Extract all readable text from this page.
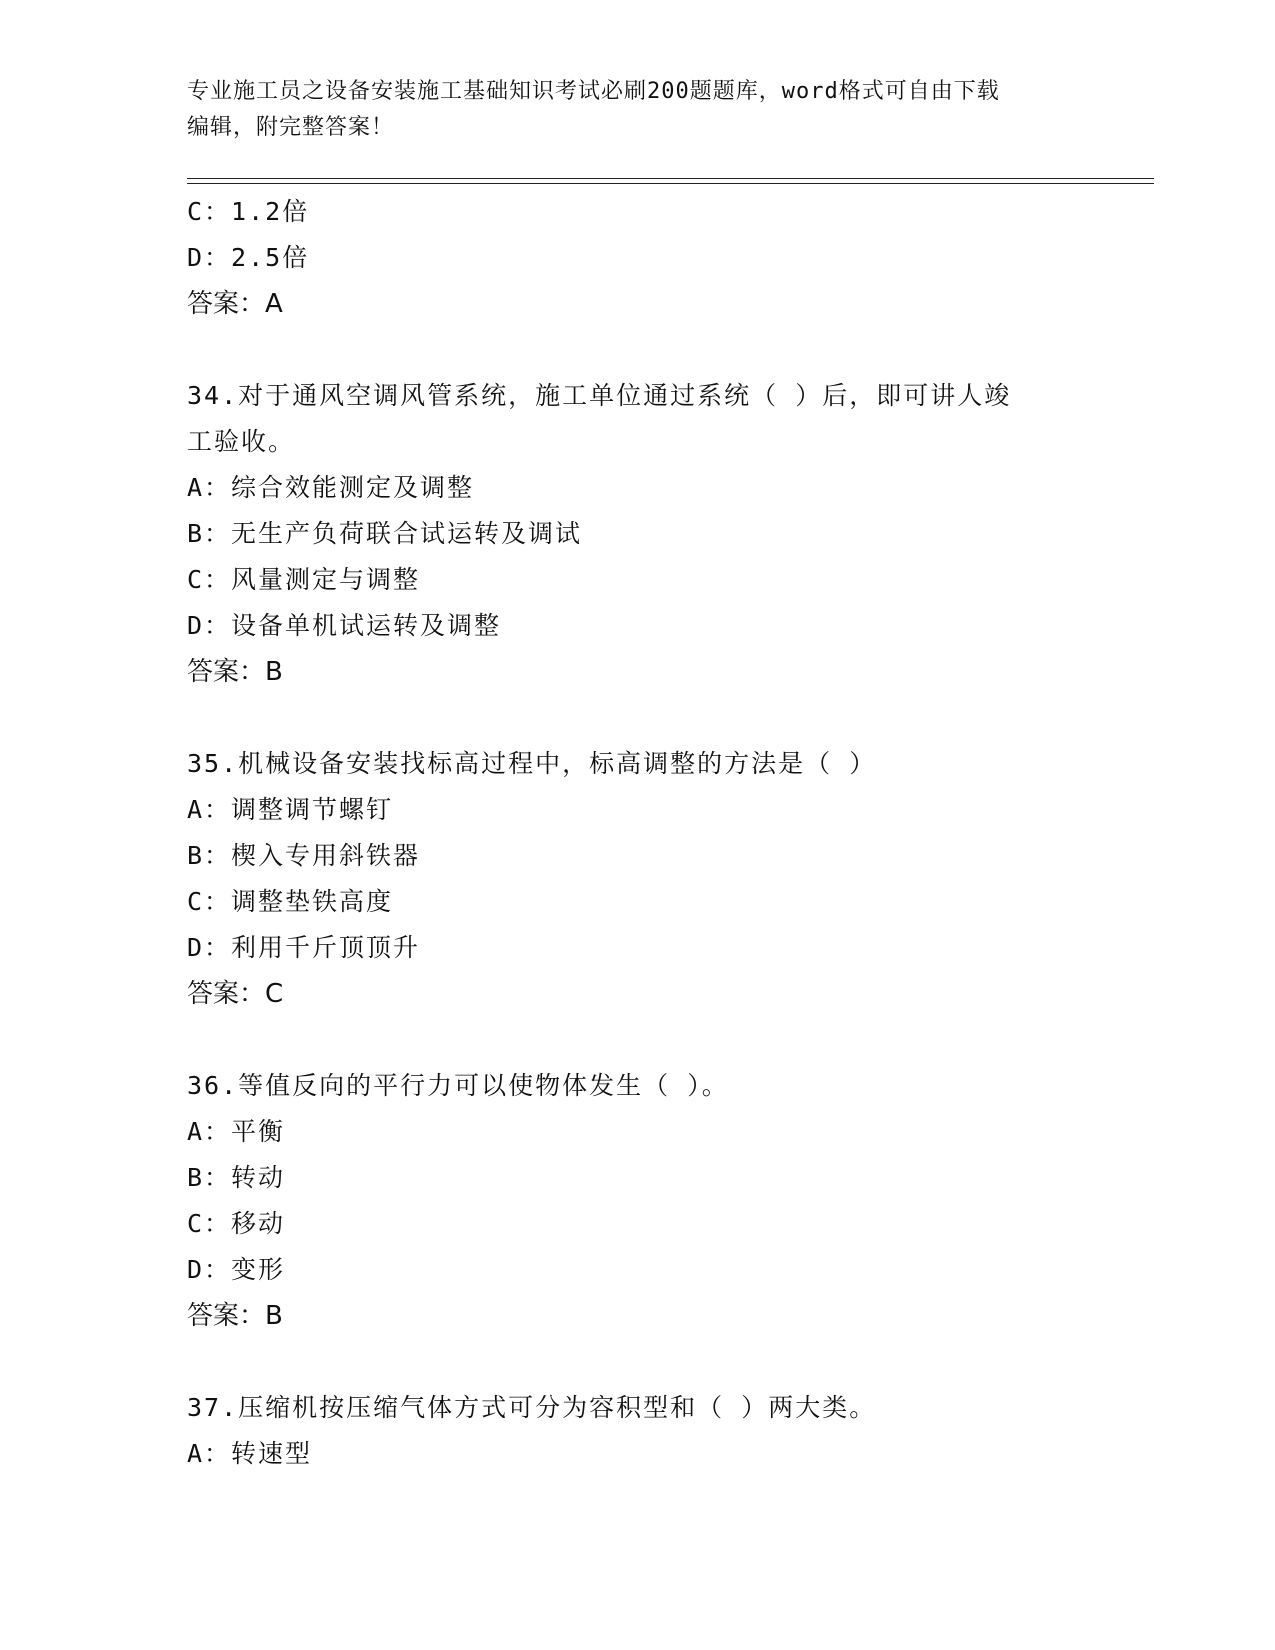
专业施工员之设备安装施工基础知识考试必刷200题题库，word格式可自由下载
编辑，附完整答案！
C：1.2倍
D：2.5倍
答案：A
34.对于通风空调风管系统，施工单位通过系统（ ）后，即可讲人竣
工验收。
A：综合效能测定及调整
B：无生产负荷联合试运转及调试
C：风量测定与调整
D：设备单机试运转及调整
答案：B
35.机械设备安装找标高过程中，标高调整的方法是（ ）
A：调整调节螺钉
B：楔入专用斜铁器
C：调整垫铁高度
D：利用千斤顶顶升
答案：C
36.等值反向的平行力可以使物体发生（ ）。
A：平衡
B：转动
C：移动
D：变形
答案：B
37.压缩机按压缩气体方式可分为容积型和（ ）两大类。
A：转速型
